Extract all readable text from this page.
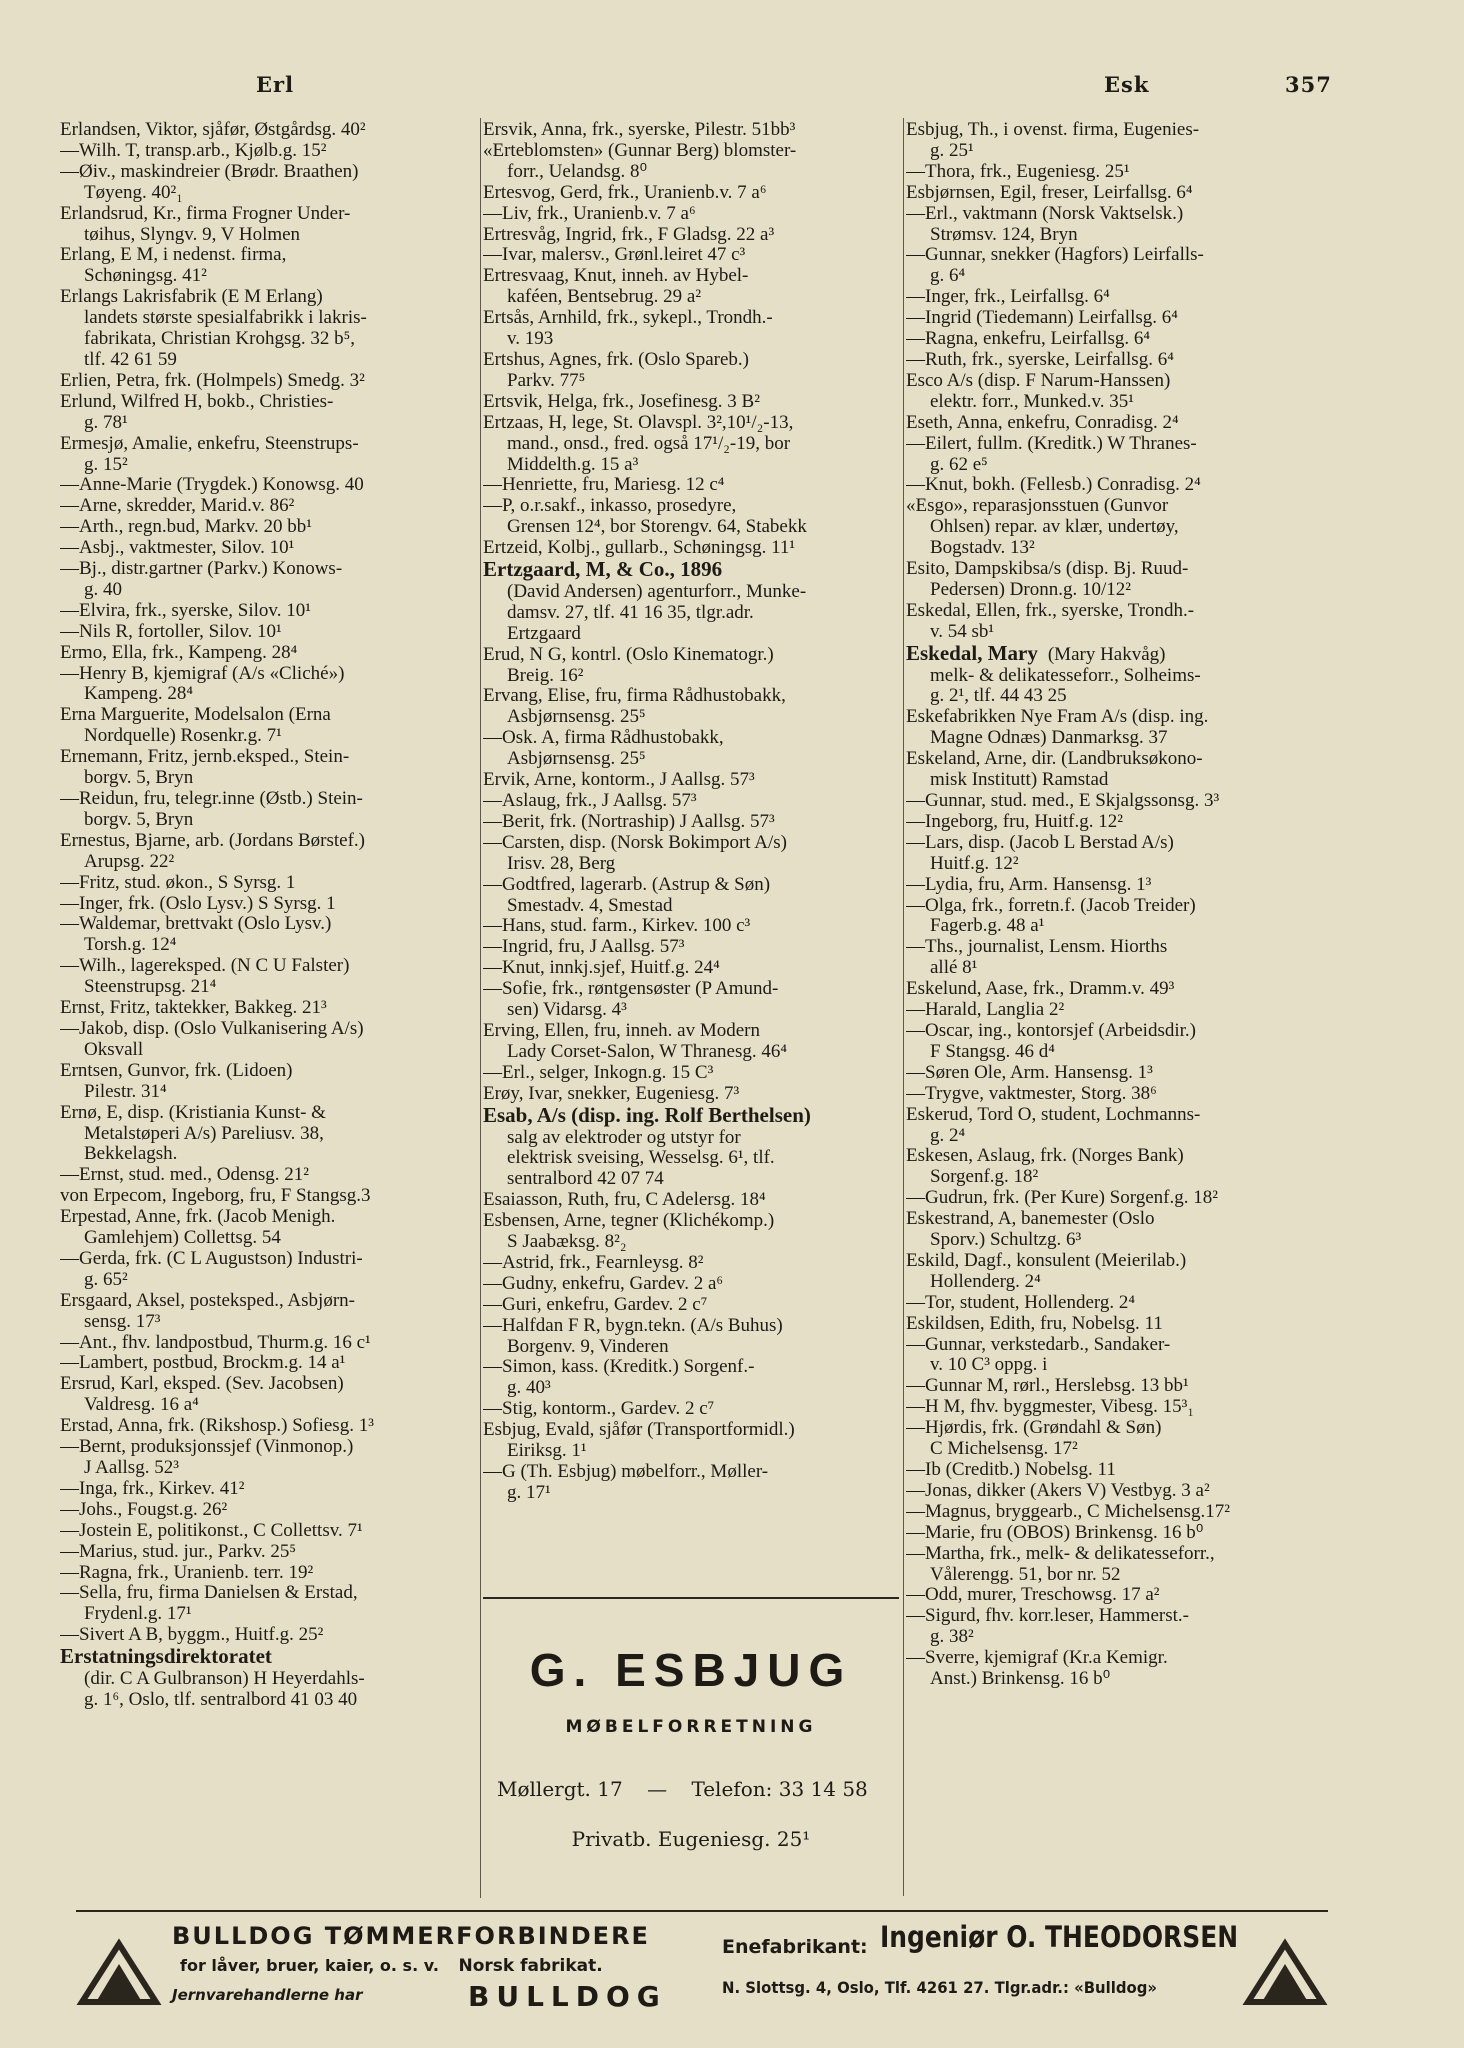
Erl	Esk	357
Erlandsen, Viktor, sjåfør, Østgårdsg. 40²
—Wilh. T, transp.arb., Kjølb.g. 15²
—Øiv., maskindreier (Brødr. Braathen)
Tøyeng. 40²₁
Erlandsrud, Kr., firma Frogner Under-
tøihus, Slyngv. 9, V Holmen
Erlang, E M, i nedenst. firma,
Schøningsg. 41²
Erlangs Lakrisfabrik (E M Erlang)
landets største spesialfabrikk i lakris-
fabrikata, Christian Krohgsg. 32 b⁵,
tlf. 42 61 59
Erlien, Petra, frk. (Holmpels) Smedg. 3²
Erlund, Wilfred H, bokb., Christies-
g. 78¹
Ermesjø, Amalie, enkefru, Steenstrups-
g. 15²
—Anne-Marie (Trygdek.) Konowsg. 40
—Arne, skredder, Marid.v. 86²
—Arth., regn.bud, Markv. 20 bb¹
—Asbj., vaktmester, Silov. 10¹
—Bj., distr.gartner (Parkv.) Konows-
g. 40
—Elvira, frk., syerske, Silov. 10¹
—Nils R, fortoller, Silov. 10¹
Ermo, Ella, frk., Kampeng. 28⁴
—Henry B, kjemigraf (A/s «Cliché»)
Kampeng. 28⁴
Erna Marguerite, Modelsalon (Erna
Nordquelle) Rosenkr.g. 7¹
Ernemann, Fritz, jernb.eksped., Stein-
borgv. 5, Bryn
—Reidun, fru, telegr.inne (Østb.) Stein-
borgv. 5, Bryn
Ernestus, Bjarne, arb. (Jordans Børstef.)
Arupsg. 22²
—Fritz, stud. økon., S Syrsg. 1
—Inger, frk. (Oslo Lysv.) S Syrsg. 1
—Waldemar, brettvakt (Oslo Lysv.)
Torsh.g. 12⁴
—Wilh., lagereksped. (N C U Falster)
Steenstrupsg. 21⁴
Ernst, Fritz, taktekker, Bakkeg. 21³
—Jakob, disp. (Oslo Vulkanisering A/s)
Oksvall
Erntsen, Gunvor, frk. (Lidoen)
Pilestr. 31⁴
Ernø, E, disp. (Kristiania Kunst- &
Metalstøperi A/s) Pareliusv. 38,
Bekkelagsh.
—Ernst, stud. med., Odensg. 21²
von Erpecom, Ingeborg, fru, F Stangsg.3
Erpestad, Anne, frk. (Jacob Menigh.
Gamlehjem) Collettsg. 54
—Gerda, frk. (C L Augustson) Industri-
g. 65²
Ersgaard, Aksel, posteksped., Asbjørn-
sensg. 17³
—Ant., fhv. landpostbud, Thurm.g. 16 c¹
—Lambert, postbud, Brockm.g. 14 a¹
Ersrud, Karl, eksped. (Sev. Jacobsen)
Valdresg. 16 a⁴
Erstad, Anna, frk. (Rikshosp.) Sofiesg. 1³
—Bernt, produksjonssjef (Vinmonop.)
J Aallsg. 52³
—Inga, frk., Kirkev. 41²
—Johs., Fougst.g. 26²
—Jostein E, politikonst., C Collettsv. 7¹
—Marius, stud. jur., Parkv. 25⁵
—Ragna, frk., Uranienb. terr. 19²
—Sella, fru, firma Danielsen & Erstad,
Frydenl.g. 17¹
—Sivert A B, byggm., Huitf.g. 25²
Erstatningsdirektoratet
(dir. C A Gulbranson) H Heyerdahls-
g. 1⁶, Oslo, tlf. sentralbord 41 03 40
Ersvik, Anna, frk., syerske, Pilestr. 51bb³
«Erteblomsten» (Gunnar Berg) blomster-
forr., Uelandsg. 8⁰
Ertesvog, Gerd, frk., Uranienb.v. 7 a⁶
—Liv, frk., Uranienb.v. 7 a⁶
Ertresvåg, Ingrid, frk., F Gladsg. 22 a³
—Ivar, malersv., Grønl.leiret 47 c³
Ertresvaag, Knut, inneh. av Hybel-
kaféen, Bentsebrug. 29 a²
Ertsås, Arnhild, frk., sykepl., Trondh.-
v. 193
Ertshus, Agnes, frk. (Oslo Spareb.)
Parkv. 77⁵
Ertsvik, Helga, frk., Josefinesg. 3 B²
Ertzaas, H, lege, St. Olavspl. 3²,10¹/₂-13,
mand., onsd., fred. også 17¹/₂-19, bor
Middelth.g. 15 a³
—Henriette, fru, Mariesg. 12 c⁴
—P, o.r.sakf., inkasso, prosedyre,
Grensen 12⁴, bor Storengv. 64, Stabekk
Ertzeid, Kolbj., gullarb., Schøningsg. 11¹
Ertzgaard, M, & Co., 1896
(David Andersen) agenturforr., Munke-
damsv. 27, tlf. 41 16 35, tlgr.adr.
Ertzgaard
Erud, N G, kontrl. (Oslo Kinematogr.)
Breig. 16²
Ervang, Elise, fru, firma Rådhustobakk,
Asbjørnsensg. 25⁵
—Osk. A, firma Rådhustobakk,
Asbjørnsensg. 25⁵
Ervik, Arne, kontorm., J Aallsg. 57³
—Aslaug, frk., J Aallsg. 57³
—Berit, frk. (Nortraship) J Aallsg. 57³
—Carsten, disp. (Norsk Bokimport A/s)
Irisv. 28, Berg
—Godtfred, lagerarb. (Astrup & Søn)
Smestadv. 4, Smestad
—Hans, stud. farm., Kirkev. 100 c³
—Ingrid, fru, J Aallsg. 57³
—Knut, innkj.sjef, Huitf.g. 24⁴
—Sofie, frk., røntgensøster (P Amund-
sen) Vidarsg. 4³
Erving, Ellen, fru, inneh. av Modern
Lady Corset-Salon, W Thranesg. 46⁴
—Erl., selger, Inkogn.g. 15 C³
Erøy, Ivar, snekker, Eugeniesg. 7³
Esab, A/s (disp. ing. Rolf Berthelsen)
salg av elektroder og utstyr for
elektrisk sveising, Wesselsg. 6¹, tlf.
sentralbord 42 07 74
Esaiasson, Ruth, fru, C Adelersg. 18⁴
Esbensen, Arne, tegner (Klichékomp.)
S Jaabæksg. 8²₂
—Astrid, frk., Fearnleysg. 8²
—Gudny, enkefru, Gardev. 2 a⁶
—Guri, enkefru, Gardev. 2 c⁷
—Halfdan F R, bygn.tekn. (A/s Buhus)
Borgenv. 9, Vinderen
—Simon, kass. (Kreditk.) Sorgenf.-
g. 40³
—Stig, kontorm., Gardev. 2 c⁷
Esbjug, Evald, sjåfør (Transportformidl.)
Eiriksg. 1¹
—G (Th. Esbjug) møbelforr., Møller-
g. 17¹
Esbjug, Th., i ovenst. firma, Eugenies-
g. 25¹
—Thora, frk., Eugeniesg. 25¹
Esbjørnsen, Egil, freser, Leirfallsg. 6⁴
—Erl., vaktmann (Norsk Vaktselsk.)
Strømsv. 124, Bryn
—Gunnar, snekker (Hagfors) Leirfalls-
g. 6⁴
—Inger, frk., Leirfallsg. 6⁴
—Ingrid (Tiedemann) Leirfallsg. 6⁴
—Ragna, enkefru, Leirfallsg. 6⁴
—Ruth, frk., syerske, Leirfallsg. 6⁴
Esco A/s (disp. F Narum-Hanssen)
elektr. forr., Munked.v. 35¹
Eseth, Anna, enkefru, Conradisg. 2⁴
—Eilert, fullm. (Kreditk.) W Thranes-
g. 62 e⁵
—Knut, bokh. (Fellesb.) Conradisg. 2⁴
«Esgo», reparasjonsstuen (Gunvor
Ohlsen) repar. av klær, undertøy,
Bogstadv. 13²
Esito, Dampskibsa/s (disp. Bj. Ruud-
Pedersen) Dronn.g. 10/12²
Eskedal, Ellen, frk., syerske, Trondh.-
v. 54 sb¹
Eskedal, Mary (Mary Hakvåg)
melk- & delikatesseforr., Solheims-
g. 2¹, tlf. 44 43 25
Eskefabrikken Nye Fram A/s (disp. ing.
Magne Odnæs) Danmarksg. 37
Eskeland, Arne, dir. (Landbruksøkono-
misk Institutt) Ramstad
—Gunnar, stud. med., E Skjalgssonsg. 3³
—Ingeborg, fru, Huitf.g. 12²
—Lars, disp. (Jacob L Berstad A/s)
Huitf.g. 12²
—Lydia, fru, Arm. Hansensg. 1³
—Olga, frk., forretn.f. (Jacob Treider)
Fagerb.g. 48 a¹
—Ths., journalist, Lensm. Hiorths
allé 8¹
Eskelund, Aase, frk., Dramm.v. 49³
—Harald, Langlia 2²
—Oscar, ing., kontorsjef (Arbeidsdir.)
F Stangsg. 46 d⁴
—Søren Ole, Arm. Hansensg. 1³
—Trygve, vaktmester, Storg. 38⁶
Eskerud, Tord O, student, Lochmanns-
g. 2⁴
Eskesen, Aslaug, frk. (Norges Bank)
Sorgenf.g. 18²
—Gudrun, frk. (Per Kure) Sorgenf.g. 18²
Eskestrand, A, banemester (Oslo
Sporv.) Schultzg. 6³
Eskild, Dagf., konsulent (Meierilab.)
Hollenderg. 2⁴
—Tor, student, Hollenderg. 2⁴
Eskildsen, Edith, fru, Nobelsg. 11
—Gunnar, verkstedarb., Sandaker-
v. 10 C³ oppg. i
—Gunnar M, rørl., Herslebsg. 13 bb¹
—H M, fhv. byggmester, Vibesg. 15³₁
—Hjørdis, frk. (Grøndahl & Søn)
C Michelsensg. 17²
—Ib (Creditb.) Nobelsg. 11
—Jonas, dikker (Akers V) Vestbyg. 3 a²
—Magnus, bryggearb., C Michelsensg.17²
—Marie, fru (OBOS) Brinkensg. 16 b⁰
—Martha, frk., melk- & delikatesseforr.,
Vålerengg. 51, bor nr. 52
—Odd, murer, Treschowsg. 17 a²
—Sigurd, fhv. korr.leser, Hammerst.-
g. 38²
—Sverre, kjemigraf (Kr.a Kemigr.
Anst.) Brinkensg. 16 b⁰
G. ESBJUG
MØBELFORRETNING
Møllergt. 17 — Telefon: 33 14 58
Privatb. Eugeniesg. 25¹
BULLDOG TØMMERFORBINDERE
for låver, bruer, kaier, o. s. v. Norsk fabrikat.
Jernvarehandlerne har	BULLDOG
Enefabrikant: Ingeniør O. THEODORSEN
N. Slottsg. 4, Oslo, Tlf. 4261 27. Tlgr.adr.: «Bulldog»
